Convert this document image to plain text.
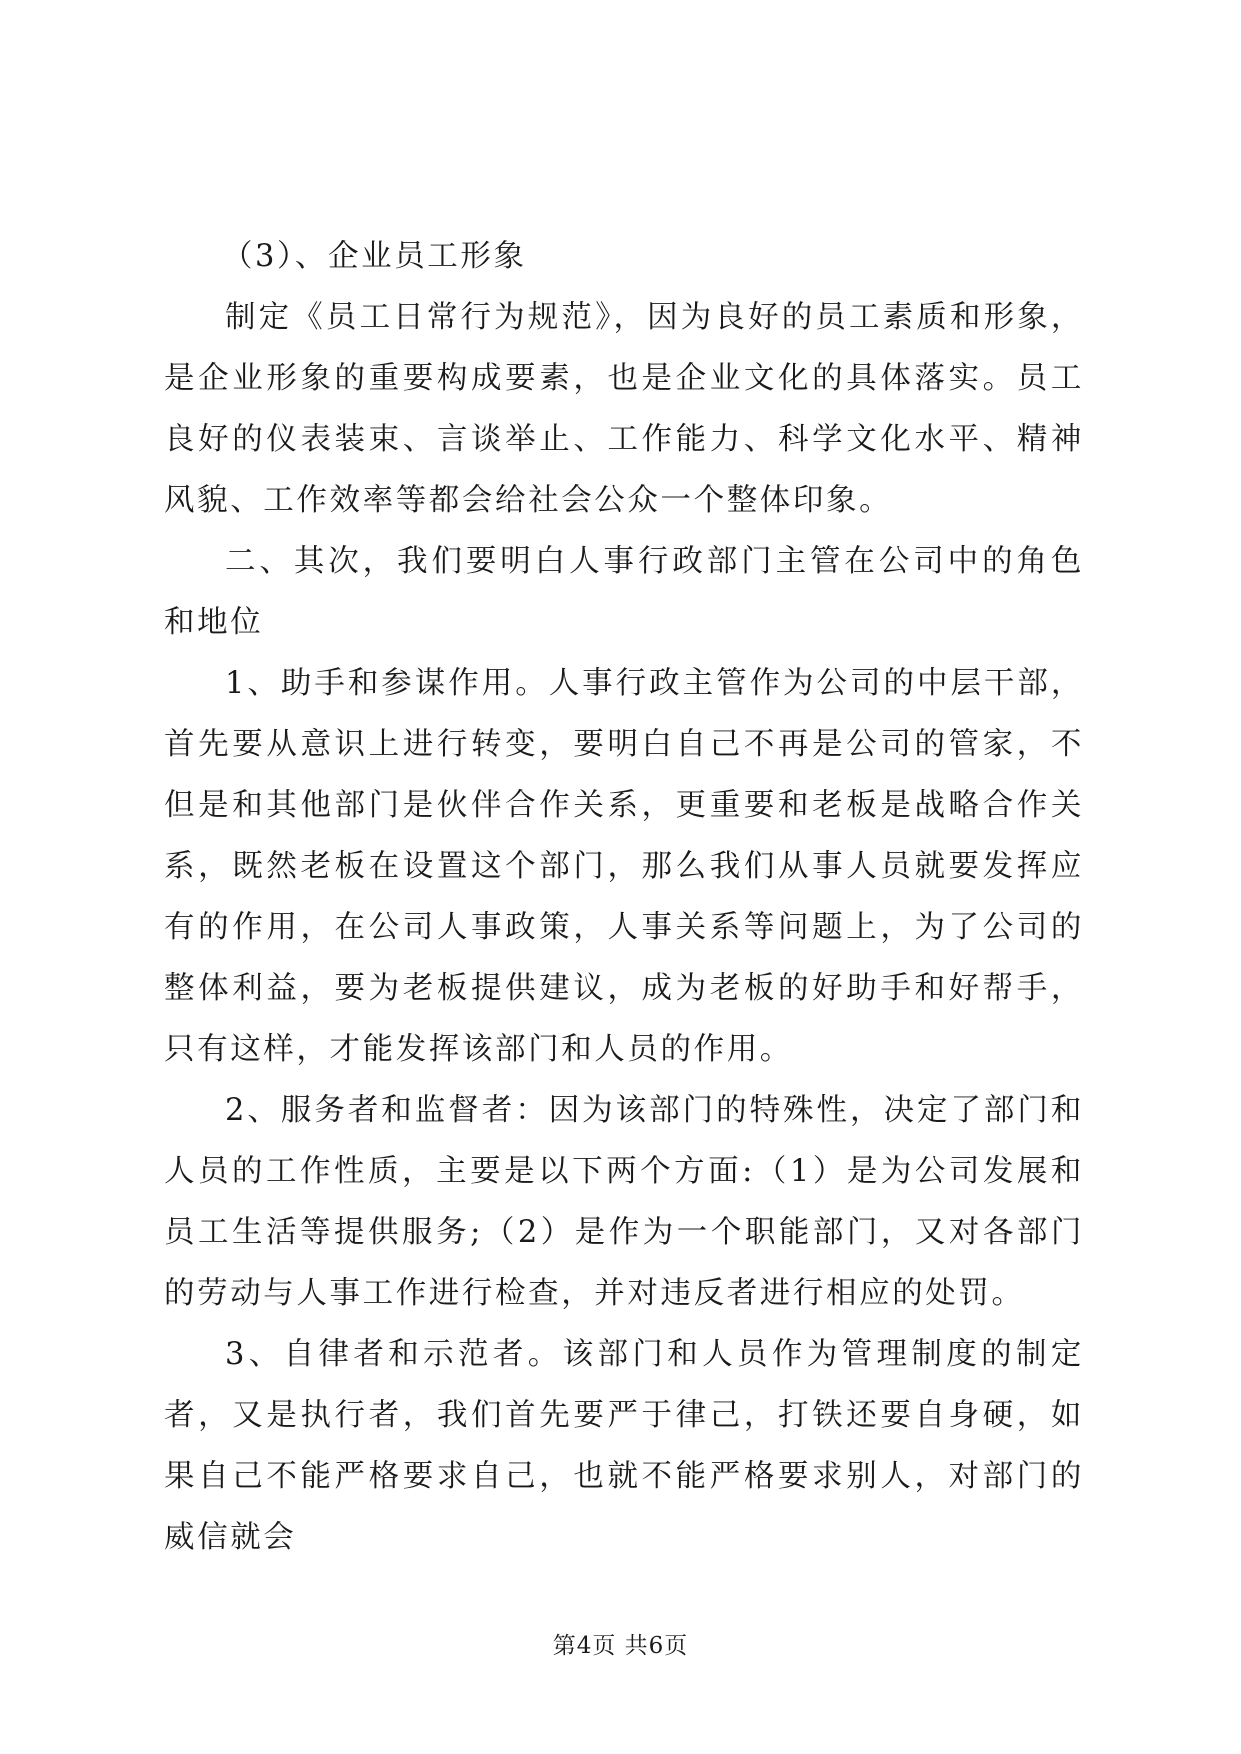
（3）、企业员工形象

制定《员工日常行为规范》，因为良好的员工素质和形象，是企业形象的重要构成要素，也是企业文化的具体落实。员工良好的仪表装束、言谈举止、工作能力、科学文化水平、精神风貌、工作效率等都会给社会公众一个整体印象。

二、其次，我们要明白人事行政部门主管在公司中的角色和地位

1、助手和参谋作用。人事行政主管作为公司的中层干部，首先要从意识上进行转变，要明白自己不再是公司的管家，不但是和其他部门是伙伴合作关系，更重要和老板是战略合作关系，既然老板在设置这个部门，那么我们从事人员就要发挥应有的作用，在公司人事政策，人事关系等问题上，为了公司的整体利益，要为老板提供建议，成为老板的好助手和好帮手，只有这样，才能发挥该部门和人员的作用。

2、服务者和监督者：因为该部门的特殊性，决定了部门和人员的工作性质，主要是以下两个方面:（1）是为公司发展和员工生活等提供服务;（2）是作为一个职能部门，又对各部门的劳动与人事工作进行检查，并对违反者进行相应的处罚。

3、自律者和示范者。该部门和人员作为管理制度的制定者，又是执行者，我们首先要严于律己，打铁还要自身硬，如果自己不能严格要求自己，也就不能严格要求别人，对部门的威信就会

第4页 共6页
